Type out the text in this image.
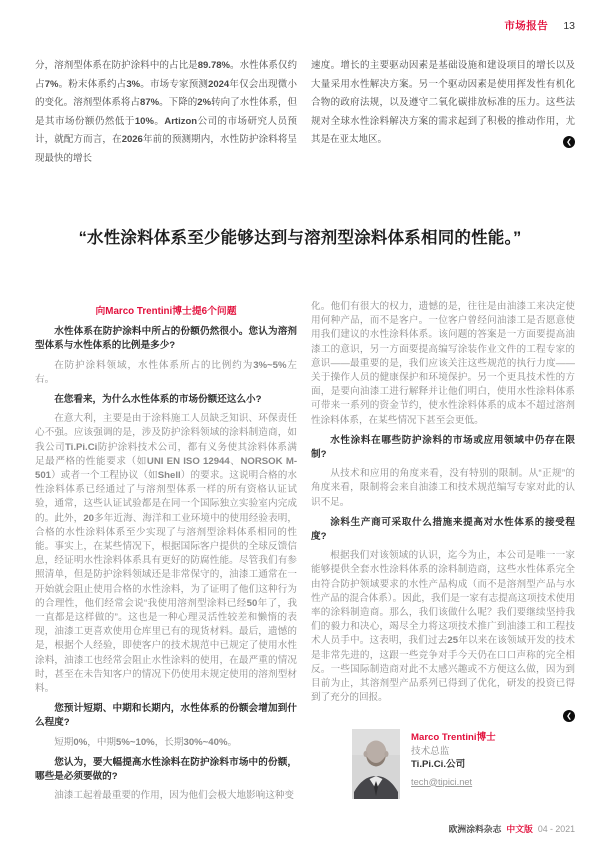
市场报告 13

分，溶剂型体系在防护涂料中的占比是89.78%。水性体系仅约占7%。粉末体系约占3%。市场专家预测2024年仅会出现微小的变化。溶剂型体系将占87%。下降的2%转向了水性体系，但是其市场份额仍然低于10%。Artizon公司的市场研究人员预计，就配方而言，在2026年前的预测期内，水性防护涂料将呈现最快的增长

速度。增长的主要驱动因素是基础设施和建设项目的增长以及大量采用水性解决方案。另一个驱动因素是使用挥发性有机化合物的政府法规，以及遵守二氧化碳排放标准的压力。这些法规对全球水性涂料解决方案的需求起到了积极的推动作用，尤其是在亚太地区。	❮
“水性涂料体系至少能够达到与溶剂型涂料体系相同的性能。”
向Marco Trentini博士提6个问题

水性体系在防护涂料中所占的份额仍然很小。您认为溶剂型体系与水性体系的比例是多少?

在防护涂料领域，水性体系所占的比例约为3%~5%左右。

在您看来，为什么水性体系的市场份额还这么小?

在意大利，主要是由于涂料施工人员缺乏知识、环保责任心不强。应该强调的是，涉及防护涂料领域的涂料制造商，如我公司Ti.Pi.Ci防护涂料技术公司，都有义务使其涂料体系满足最严格的性能要求（如UNI EN ISO 12944、NORSOK M-501）或者一个工程协议（如Shell）的要求。这说明合格的水性涂料体系已经通过了与溶剂型体系一样的所有资格认证试验，通常，这些认证试验都是在同一个国际独立实验室内完成的。此外，20多年近海、海洋和工业环境中的使用经验表明，合格的水性涂料体系至少实现了与溶剂型涂料体系相同的性能。事实上，在某些情况下，根据国际客户提供的全球反馈信息，经证明水性涂料体系具有更好的防腐性能。尽管我们有参照清单，但是防护涂料领域还是非常保守的，油漆工通常在一开始就会阻止使用合格的水性涂料，为了证明了他们这种行为的合理性，他们经常会说“我使用溶剂型涂料已经50年了，我一直都是这样做的”。这也是一种心理灵活性较差和懒惰的表现，油漆工更喜欢使用仓库里已有的现货材料。最后，遗憾的是，根据个人经验，即使客户的技术规范中已规定了使用水性涂料，油漆工也经常会阻止水性涂料的使用，在最严重的情况时，甚至在未告知客户的情况下仍使用未规定使用的溶剂型材料。

您预计短期、中期和长期内，水性体系的份额会增加到什么程度?

短期0%，中期5%~10%，长期30%~40%。

您认为，要大幅提高水性涂料在防护涂料市场中的份额，哪些是必须要做的?

油漆工起着最重要的作用，因为他们会极大地影响这种变

化。他们有很大的权力，遗憾的是，往往是由油漆工来决定使用何种产品，而不是客户。一位客户曾经问油漆工是否愿意使用我们建议的水性涂料体系。该问题的答案是一方面要提高油漆工的意识，另一方面要提高编写涂装作业文件的工程专家的意识——最重要的是，我们应该关注这些规范的执行力度——关于操作人员的健康保护和环境保护。另一个更具技术性的方面，是要向油漆工进行解释并让他们明白，使用水性涂料体系可带来一系列的资金节约，使水性涂料体系的成本不超过溶剂性涂料体系，在某些情况下甚至会更低。

水性涂料在哪些防护涂料的市场或应用领域中仍存在限制?

从技术和应用的角度来看，没有特别的限制。从“正规”的角度来看，限制将会来自油漆工和技术规范编写专家对此的认识不足。

涂料生产商可采取什么措施来提高对水性体系的接受程度?

根据我们对该领域的认识，迄今为止，本公司是唯一一家能够提供全套水性涂料体系的涂料制造商，这些水性体系完全由符合防护领域要求的水性产品构成（而不是溶剂型产品与水性产品的混合体系）。因此，我们是一家有志提高这项技术使用率的涂料制造商。那么，我们该做什么呢？我们要继续坚持我们的毅力和决心，竭尽全力将这项技术推广到油漆工和工程技术人员手中。这表明，我们过去25年以来在该领域开发的技术是非常先进的，这跟一些竞争对手今天仍在口口声称的完全相反。一些国际制造商对此不太感兴趣或不方便这么做，因为到目前为止，其溶剂型产品系列已得到了优化，研发的投资已得到了充分的回报。

❮
Marco Trentini博士
技术总监
Ti.Pi.Ci.公司
tech@tipici.net
欧洲涂料杂志 中文版 04 - 2021
